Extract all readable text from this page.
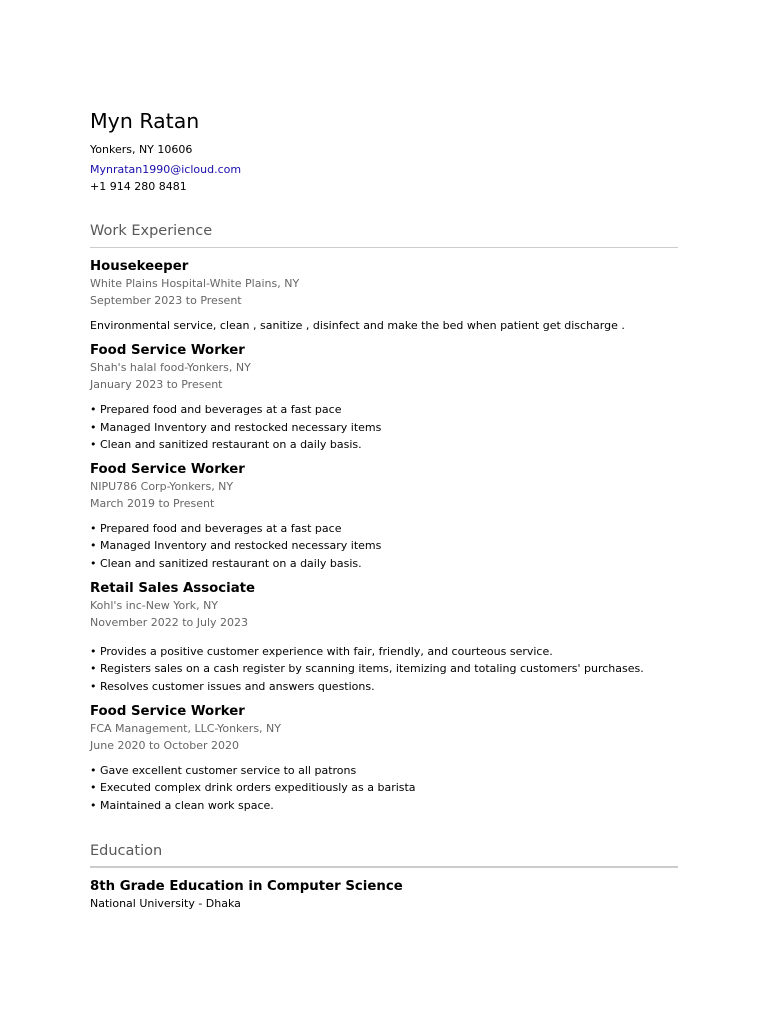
Myn Ratan

Yonkers, NY 10606

Mynratan1990@icloud.com

+1 914 280 8481

Work Experience
Housekeeper
White Plains Hospital-White Plains, NY
September 2023 to Present

Environmental service, clean , sanitize , disinfect and make the bed when patient get discharge .

Food Service Worker
Shah's halal food-Yonkers, NY
January 2023 to Present

• Prepared food and beverages at a fast pace

• Managed Inventory and restocked necessary items

• Clean and sanitized restaurant on a daily basis.

Food Service Worker
NIPU786 Corp-Yonkers, NY
March 2019 to Present

• Prepared food and beverages at a fast pace

• Managed Inventory and restocked necessary items

• Clean and sanitized restaurant on a daily basis.

Retail Sales Associate
Kohl's inc-New York, NY
November 2022 to July 2023

• Provides a positive customer experience with fair, friendly, and courteous service.

• Registers sales on a cash register by scanning items, itemizing and totaling customers' purchases.

• Resolves customer issues and answers questions.

Food Service Worker
FCA Management, LLC-Yonkers, NY
June 2020 to October 2020

• Gave excellent customer service to all patrons

• Executed complex drink orders expeditiously as a barista

• Maintained a clean work space.

Education
8th Grade Education in Computer Science
National University - Dhaka
